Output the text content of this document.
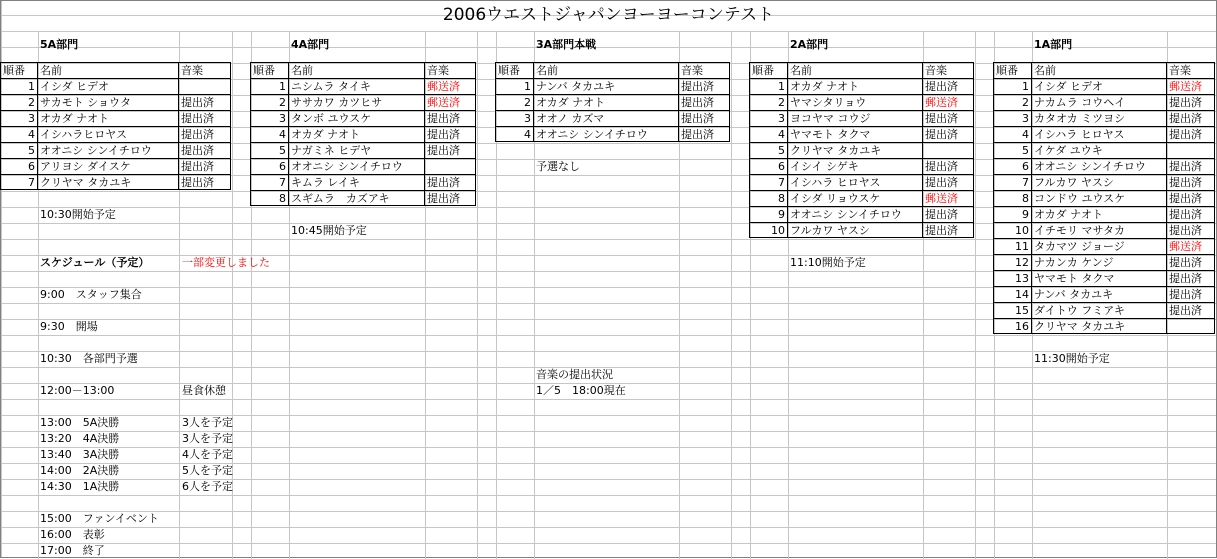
2006ウエストジャパンヨーヨーコンテスト
5A部門	4A部門	3A部門本戦	2A部門	1A部門
10:30開始予定
10:45開始予定
予選なし
11:10開始予定
11:30開始予定
順番	名前	音楽
1 イシダ ヒデオ
2 サカモト ショウタ	提出済
3 オカダ ナオト	提出済
4 イシハラヒロヤス	提出済
5 オオニシ シンイチロウ	提出済
6 アリヨシ ダイスケ	提出済
7 クリヤマ タカユキ	提出済
順番	名前	音楽
1 ニシムラ タイキ	郵送済
2 ササカワ カツヒサ	郵送済
3 タンボ ユウスケ	提出済
4 オカダ ナオト	提出済
5 ナガミネ ヒデヤ	提出済
6 オオニシ シンイチロウ
7 キムラ レイキ	提出済
8 スギムラ　カズアキ	提出済
順番	名前	音楽
1 ナンバ タカユキ	提出済
2 オカダ ナオト	提出済
3 オオノ カズマ	提出済
4 オオニシ シンイチロウ	提出済
順番	名前	音楽
1 オカダ ナオト	提出済
2 ヤマシタリョウ	郵送済
3 ヨコヤマ コウジ	提出済
4 ヤマモト タクマ	提出済
5 クリヤマ タカユキ
6 イシイ シゲキ	提出済
7 イシハラ ヒロヤス	提出済
8 イシダ リョウスケ	郵送済
9 オオニシ シンイチロウ	提出済
10 フルカワ ヤスシ	提出済
順番	名前	音楽
1 イシダ ヒデオ	郵送済
2 ナカムラ コウヘイ	提出済
3 カタオカ ミツヨシ	提出済
4 イシハラ ヒロヤス	提出済
5 イケダ ユウキ
6 オオニシ シンイチロウ	提出済
7 フルカワ ヤスシ	提出済
8 コンドウ ユウスケ	提出済
9 オカダ ナオト	提出済
10 イチモリ マサタカ	提出済
11 タカマツ ジョージ	郵送済
12 ナカンカ ケンジ	提出済
13 ヤマモト タクマ	提出済
14 ナンバ タカユキ	提出済
15 ダイトウ フミアキ	提出済
16 クリヤマ タカユキ
スケジュール（予定）	一部変更しました
9:00　スタッフ集合
9:30　開場
10:30　各部門予選
12:00－13:00	昼食休憩
13:00　5A決勝	3人を予定
13:20　4A決勝	3人を予定
13:40　3A決勝	4人を予定
14:00　2A決勝	5人を予定
14:30　1A決勝	6人を予定
15:00　ファンイベント
16:00　表彰
17:00　終了
音楽の提出状況
1／5　18:00現在
